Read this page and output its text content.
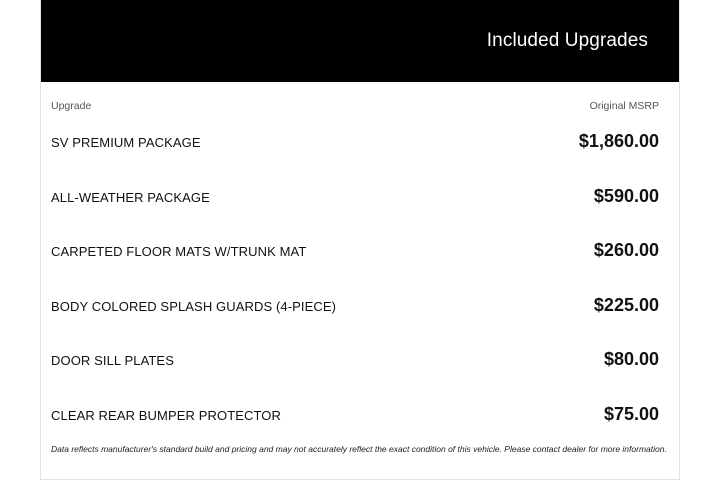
Included Upgrades
Upgrade	Original MSRP
SV PREMIUM PACKAGE	$1,860.00
ALL-WEATHER PACKAGE	$590.00
CARPETED FLOOR MATS W/TRUNK MAT	$260.00
BODY COLORED SPLASH GUARDS (4-PIECE)	$225.00
DOOR SILL PLATES	$80.00
CLEAR REAR BUMPER PROTECTOR	$75.00
Data reflects manufacturer's standard build and pricing and may not accurately reflect the exact condition of this vehicle. Please contact dealer for more information.
